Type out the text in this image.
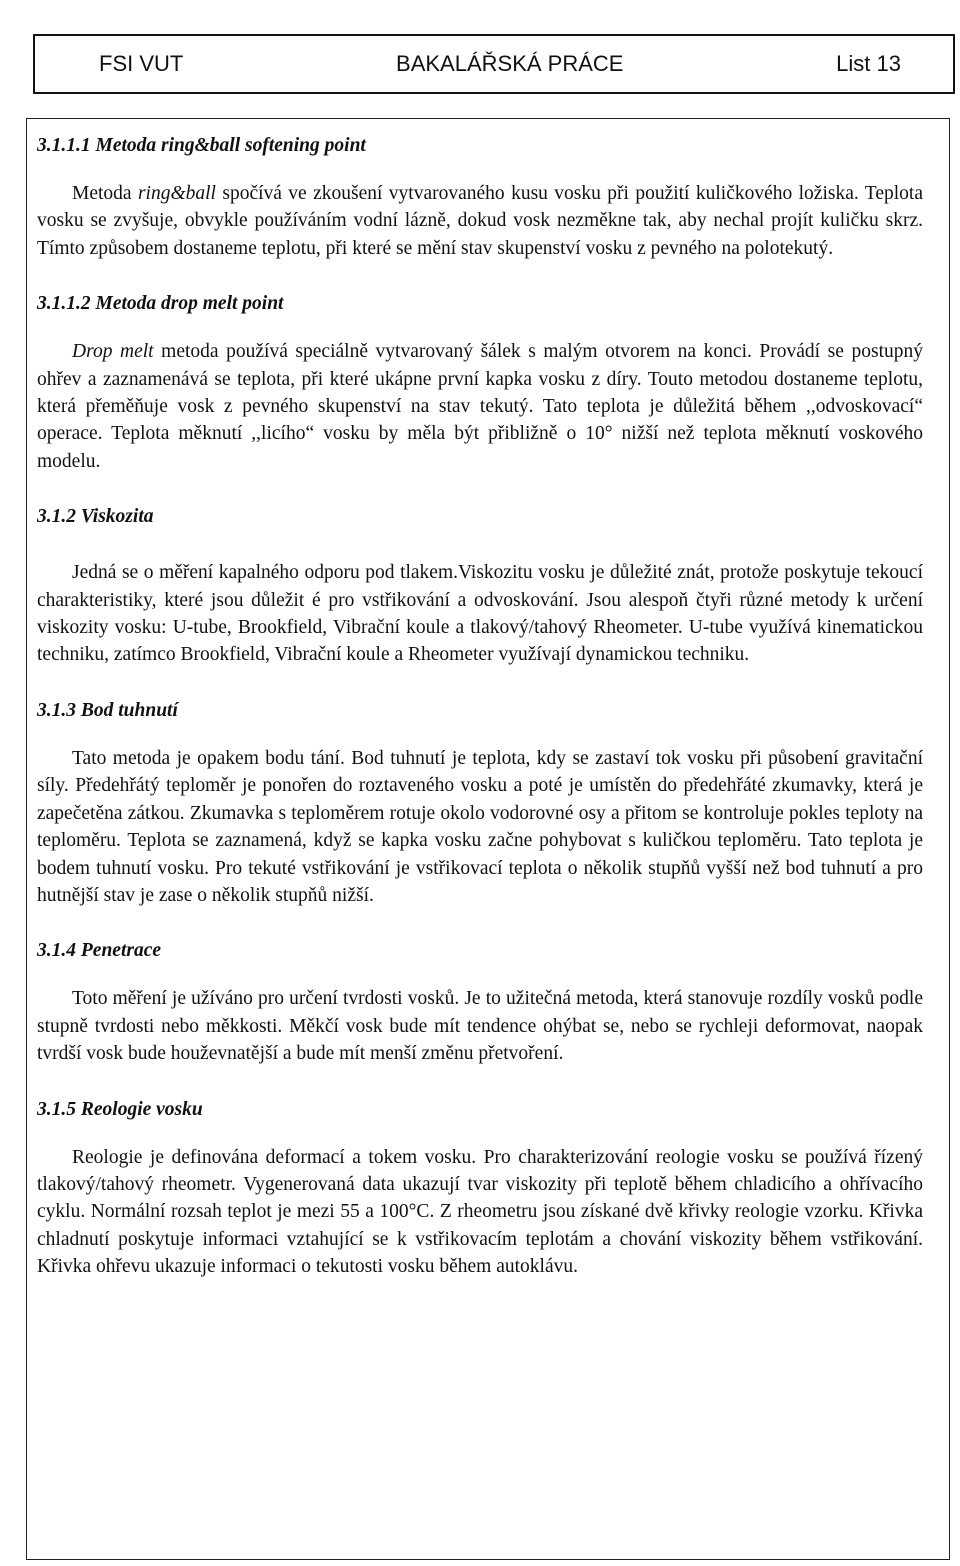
FSI VUT	BAKALÁŘSKÁ PRÁCE	List 13
3.1.1.1 Metoda ring&ball softening point

Metoda ring&ball spočívá ve zkoušení vytvarovaného kusu vosku při použití kuličkového ložiska. Teplota vosku se zvyšuje, obvykle používáním vodní lázně, dokud vosk nezměkne tak, aby nechal projít kuličku skrz. Tímto způsobem dostaneme teplotu, při které se mění stav skupenství vosku z pevného na polotekutý.

3.1.1.2 Metoda drop melt point

Drop melt metoda používá speciálně vytvarovaný šálek s malým otvorem na konci. Provádí se postupný ohřev a zaznamenává se teplota, při které ukápne první kapka vosku z díry. Touto metodou dostaneme teplotu, která přeměňuje vosk z pevného skupenství na stav tekutý. Tato teplota je důležitá během ,,odvoskovací“ operace. Teplota měknutí ,,licího“ vosku by měla být přibližně o 10° nižší než teplota měknutí voskového modelu.

3.1.2 Viskozita

Jedná se o měření kapalného odporu pod tlakem.Viskozitu vosku je důležité znát, protože poskytuje tekoucí charakteristiky, které jsou důležit é pro vstřikování a odvoskování. Jsou alespoň čtyři různé metody k určení viskozity vosku: U-tube, Brookfield, Vibrační koule a tlakový/tahový Rheometer. U-tube využívá kinematickou techniku, zatímco Brookfield, Vibrační koule a Rheometer využívají dynamickou techniku.

3.1.3 Bod tuhnutí

Tato metoda je opakem bodu tání. Bod tuhnutí je teplota, kdy se zastaví tok vosku při působení gravitační síly. Předehřátý teploměr je ponořen do roztaveného vosku a poté je umístěn do předehřáté zkumavky, která je zapečetěna zátkou. Zkumavka s teploměrem rotuje okolo vodorovné osy a přitom se kontroluje pokles teploty na teploměru. Teplota se zaznamená, když se kapka vosku začne pohybovat s kuličkou teploměru. Tato teplota je bodem tuhnutí vosku. Pro tekuté vstřikování je vstřikovací teplota o několik stupňů vyšší než bod tuhnutí a pro hutnější stav je zase o několik stupňů nižší.

3.1.4 Penetrace

Toto měření je užíváno pro určení tvrdosti vosků. Je to užitečná metoda, která stanovuje rozdíly vosků podle stupně tvrdosti nebo měkkosti. Měkčí vosk bude mít tendence ohýbat se, nebo se rychleji deformovat, naopak tvrdší vosk bude houževnatější a bude mít menší změnu přetvoření.

3.1.5 Reologie vosku

Reologie je definována deformací a tokem vosku. Pro charakterizování reologie vosku se používá řízený tlakový/tahový rheometr. Vygenerovaná data ukazují tvar viskozity při teplotě během chladicího a ohřívacího cyklu. Normální rozsah teplot je mezi 55 a 100°C. Z rheometru jsou získané dvě křivky reologie vzorku. Křivka chladnutí poskytuje informaci vztahující se k vstřikovacím teplotám a chování viskozity během vstřikování. Křivka ohřevu ukazuje informaci o tekutosti vosku během autoklávu.
